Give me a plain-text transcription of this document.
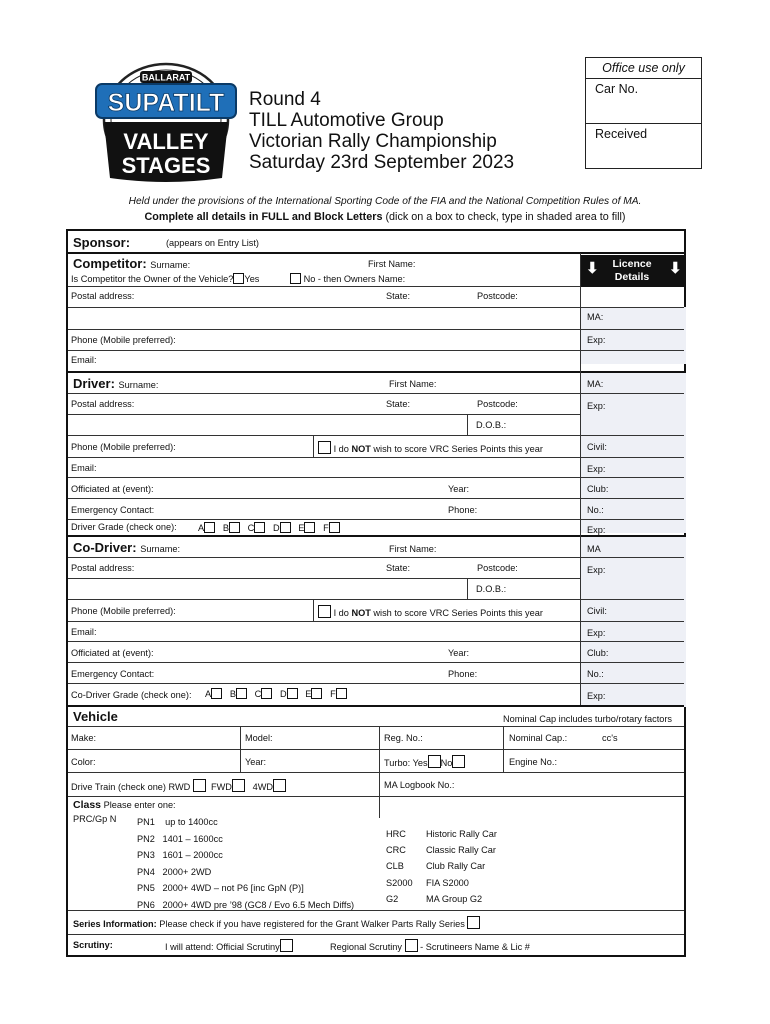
BALLARAT
SUPATILT
VALLEY
STAGES
Round 4
TILL Automotive Group
Victorian Rally Championship
Saturday 23rd September 2023
Office use only
Car No.
Received
Held under the provisions of the International Sporting Code of the FIA and the National Competition Rules of MA.
Complete all details in FULL and Block Letters (dick on a box to check, type in shaded area to fill)
Sponsor:	(appears on Entry List)
Competitor: Surname:	First Name:
Is Competitor the Owner of the Vehicle? Yes	No - then Owners Name:
Postal address:	State:	Postcode:
Phone (Mobile preferred):
Email:
Licence
Details
⬇	⬇
MA:
Exp:
Driver: Surname:	First Name:	MA:
Postal address:	State:	Postcode:	Exp:
D.O.B.:
Phone (Mobile preferred):	I do NOT wish to score VRC Series Points this year	Civil:
Email:	Exp:
Officiated at (event):	Year:	Club:
Emergency Contact:	Phone:	No.:
Driver Grade (check one): A B C D E F	Exp:
Co-Driver: Surname:	First Name:	MA
Postal address:	State:	Postcode:	Exp:
D.O.B.:
Phone (Mobile preferred):	I do NOT wish to score VRC Series Points this year	Civil:
Email:	Exp:
Officiated at (event):	Year:	Club:
Emergency Contact:	Phone:	No.:
Co-Driver Grade (check one): A B C D E F	Exp:
Vehicle	Nominal Cap includes turbo/rotary factors
Make:	Model:	Reg. No.:	Nominal Cap.:	cc's
Color:	Year:	Turbo: Yes No	Engine No.:
Drive Train (check one) RWD FWD 4WD	MA Logbook No.:
Class Please enter one:
PRC/Gp N PN1 up to 1400cc
PN2 1401 – 1600cc
PN3 1601 – 2000cc
PN4 2000+ 2WD
PN5 2000+ 4WD – not P6 [inc GpN (P)]
PN6 2000+ 4WD pre ’98 (GC8 / Evo 6.5 Mech Diffs)
HRC Historic Rally Car
CRC Classic Rally Car
CLB Club Rally Car
S2000 FIA S2000
G2	MA Group G2
Series Information: Please check if you have registered for the Grant Walker Parts Rally Series
Scrutiny:	I will attend: Official Scrutiny	Regional Scrutiny  - Scrutineers Name & Lic #
